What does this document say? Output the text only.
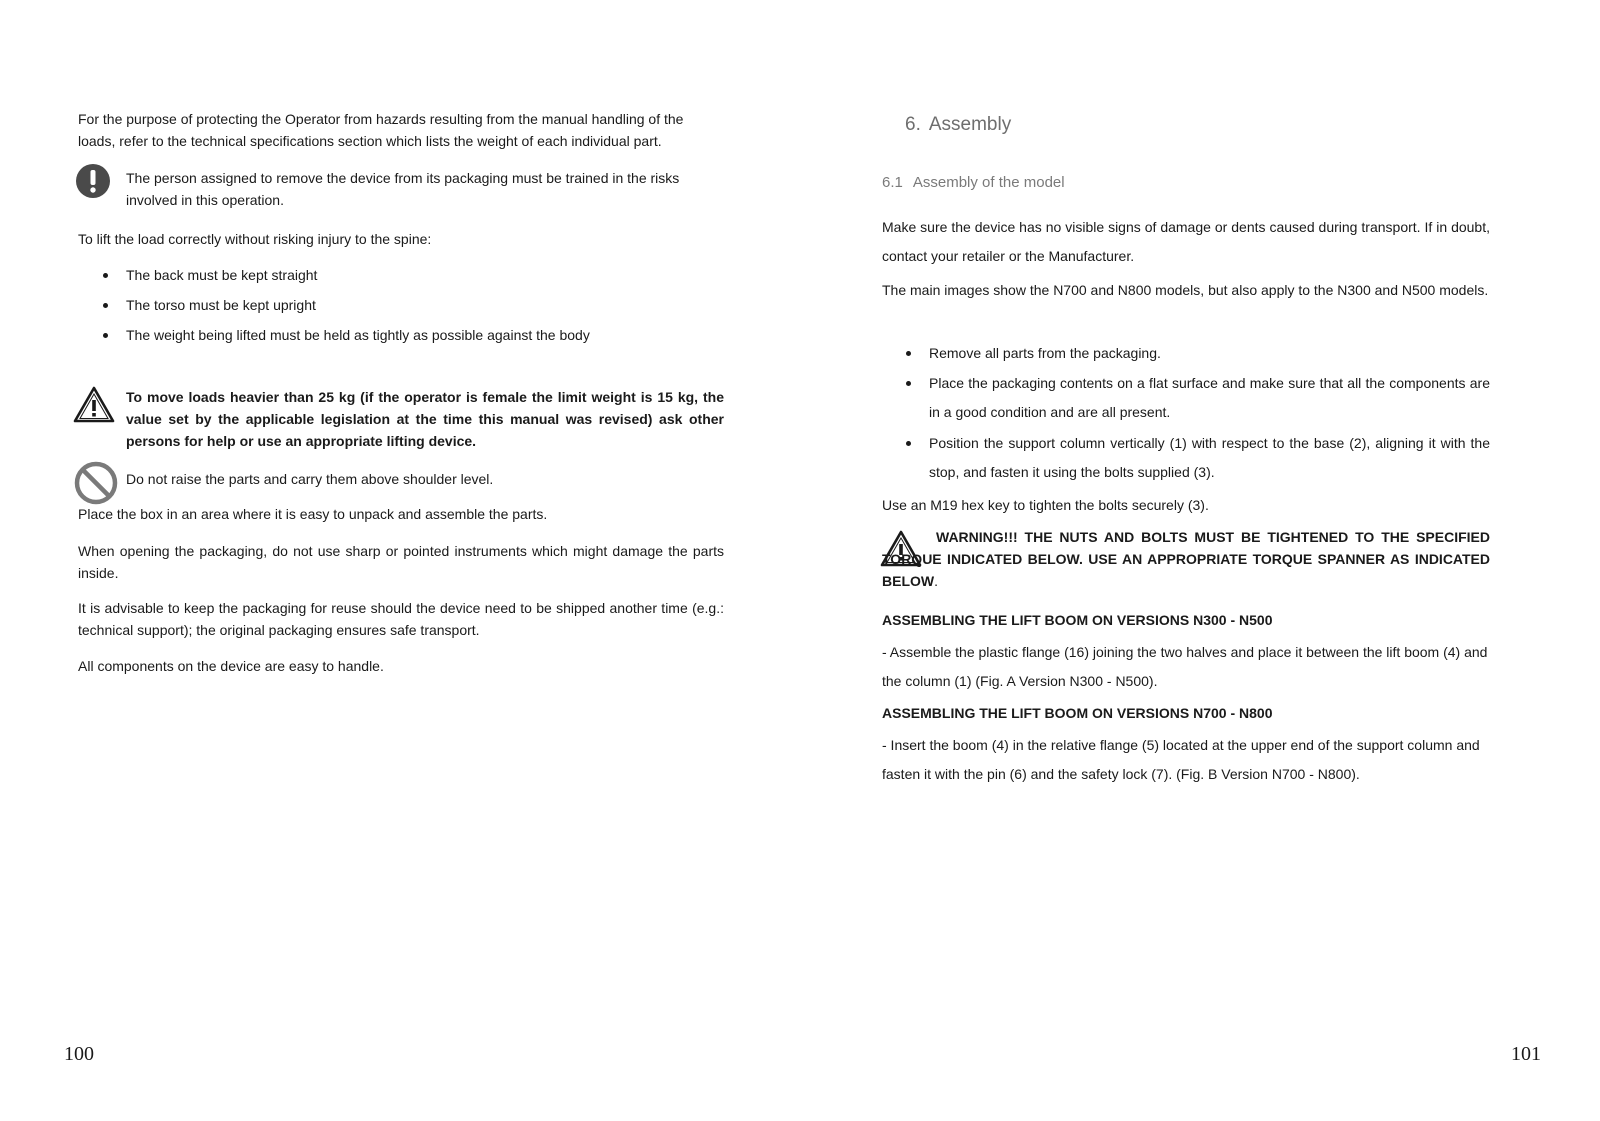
For the purpose of protecting the Operator from hazards resulting from the manual handling of the loads, refer to the technical specifications section which lists the weight of each individual part.

The person assigned to remove the device from its packaging must be trained in the risks involved in this operation.

To lift the load correctly without risking injury to the spine:

The back must be kept straight
The torso must be kept upright
The weight being lifted must be held as tightly as possible against the body

To move loads heavier than 25 kg (if the operator is female the limit weight is 15 kg, the value set by the applicable legislation at the time this manual was revised) ask other persons for help or use an appropriate lifting device.

Do not raise the parts and carry them above shoulder level.

Place the box in an area where it is easy to unpack and assemble the parts.

When opening the packaging, do not use sharp or pointed instruments which might damage the parts inside.

It is advisable to keep the packaging for reuse should the device need to be shipped another time (e.g.: technical support); the original packaging ensures safe transport.

All components on the device are easy to handle.

100
6. Assembly
6.1 Assembly of the model

Make sure the device has no visible signs of damage or dents caused during transport. If in doubt, contact your retailer or the Manufacturer.

The main images show the N700 and N800 models, but also apply to the N300 and N500 models.

Remove all parts from the packaging.
Place the packaging contents on a flat surface and make sure that all the components are in a good condition and are all present.
Position the support column vertically (1) with respect to the base (2), aligning it with the stop, and fasten it using the bolts supplied (3).

Use an M19 hex key to tighten the bolts securely (3).

WARNING!!! THE NUTS AND BOLTS MUST BE TIGHTENED TO THE SPECIFIED TORQUE INDICATED BELOW. USE AN APPROPRIATE TORQUE SPANNER AS INDICATED BELOW.

ASSEMBLING THE LIFT BOOM ON VERSIONS N300 - N500

- Assemble the plastic flange (16) joining the two halves and place it between the lift boom (4) and the column (1) (Fig. A Version N300 - N500).

ASSEMBLING THE LIFT BOOM ON VERSIONS N700 - N800

- Insert the boom (4) in the relative flange (5) located at the upper end of the support column and fasten it with the pin (6) and the safety lock (7). (Fig. B Version N700 - N800).

101
